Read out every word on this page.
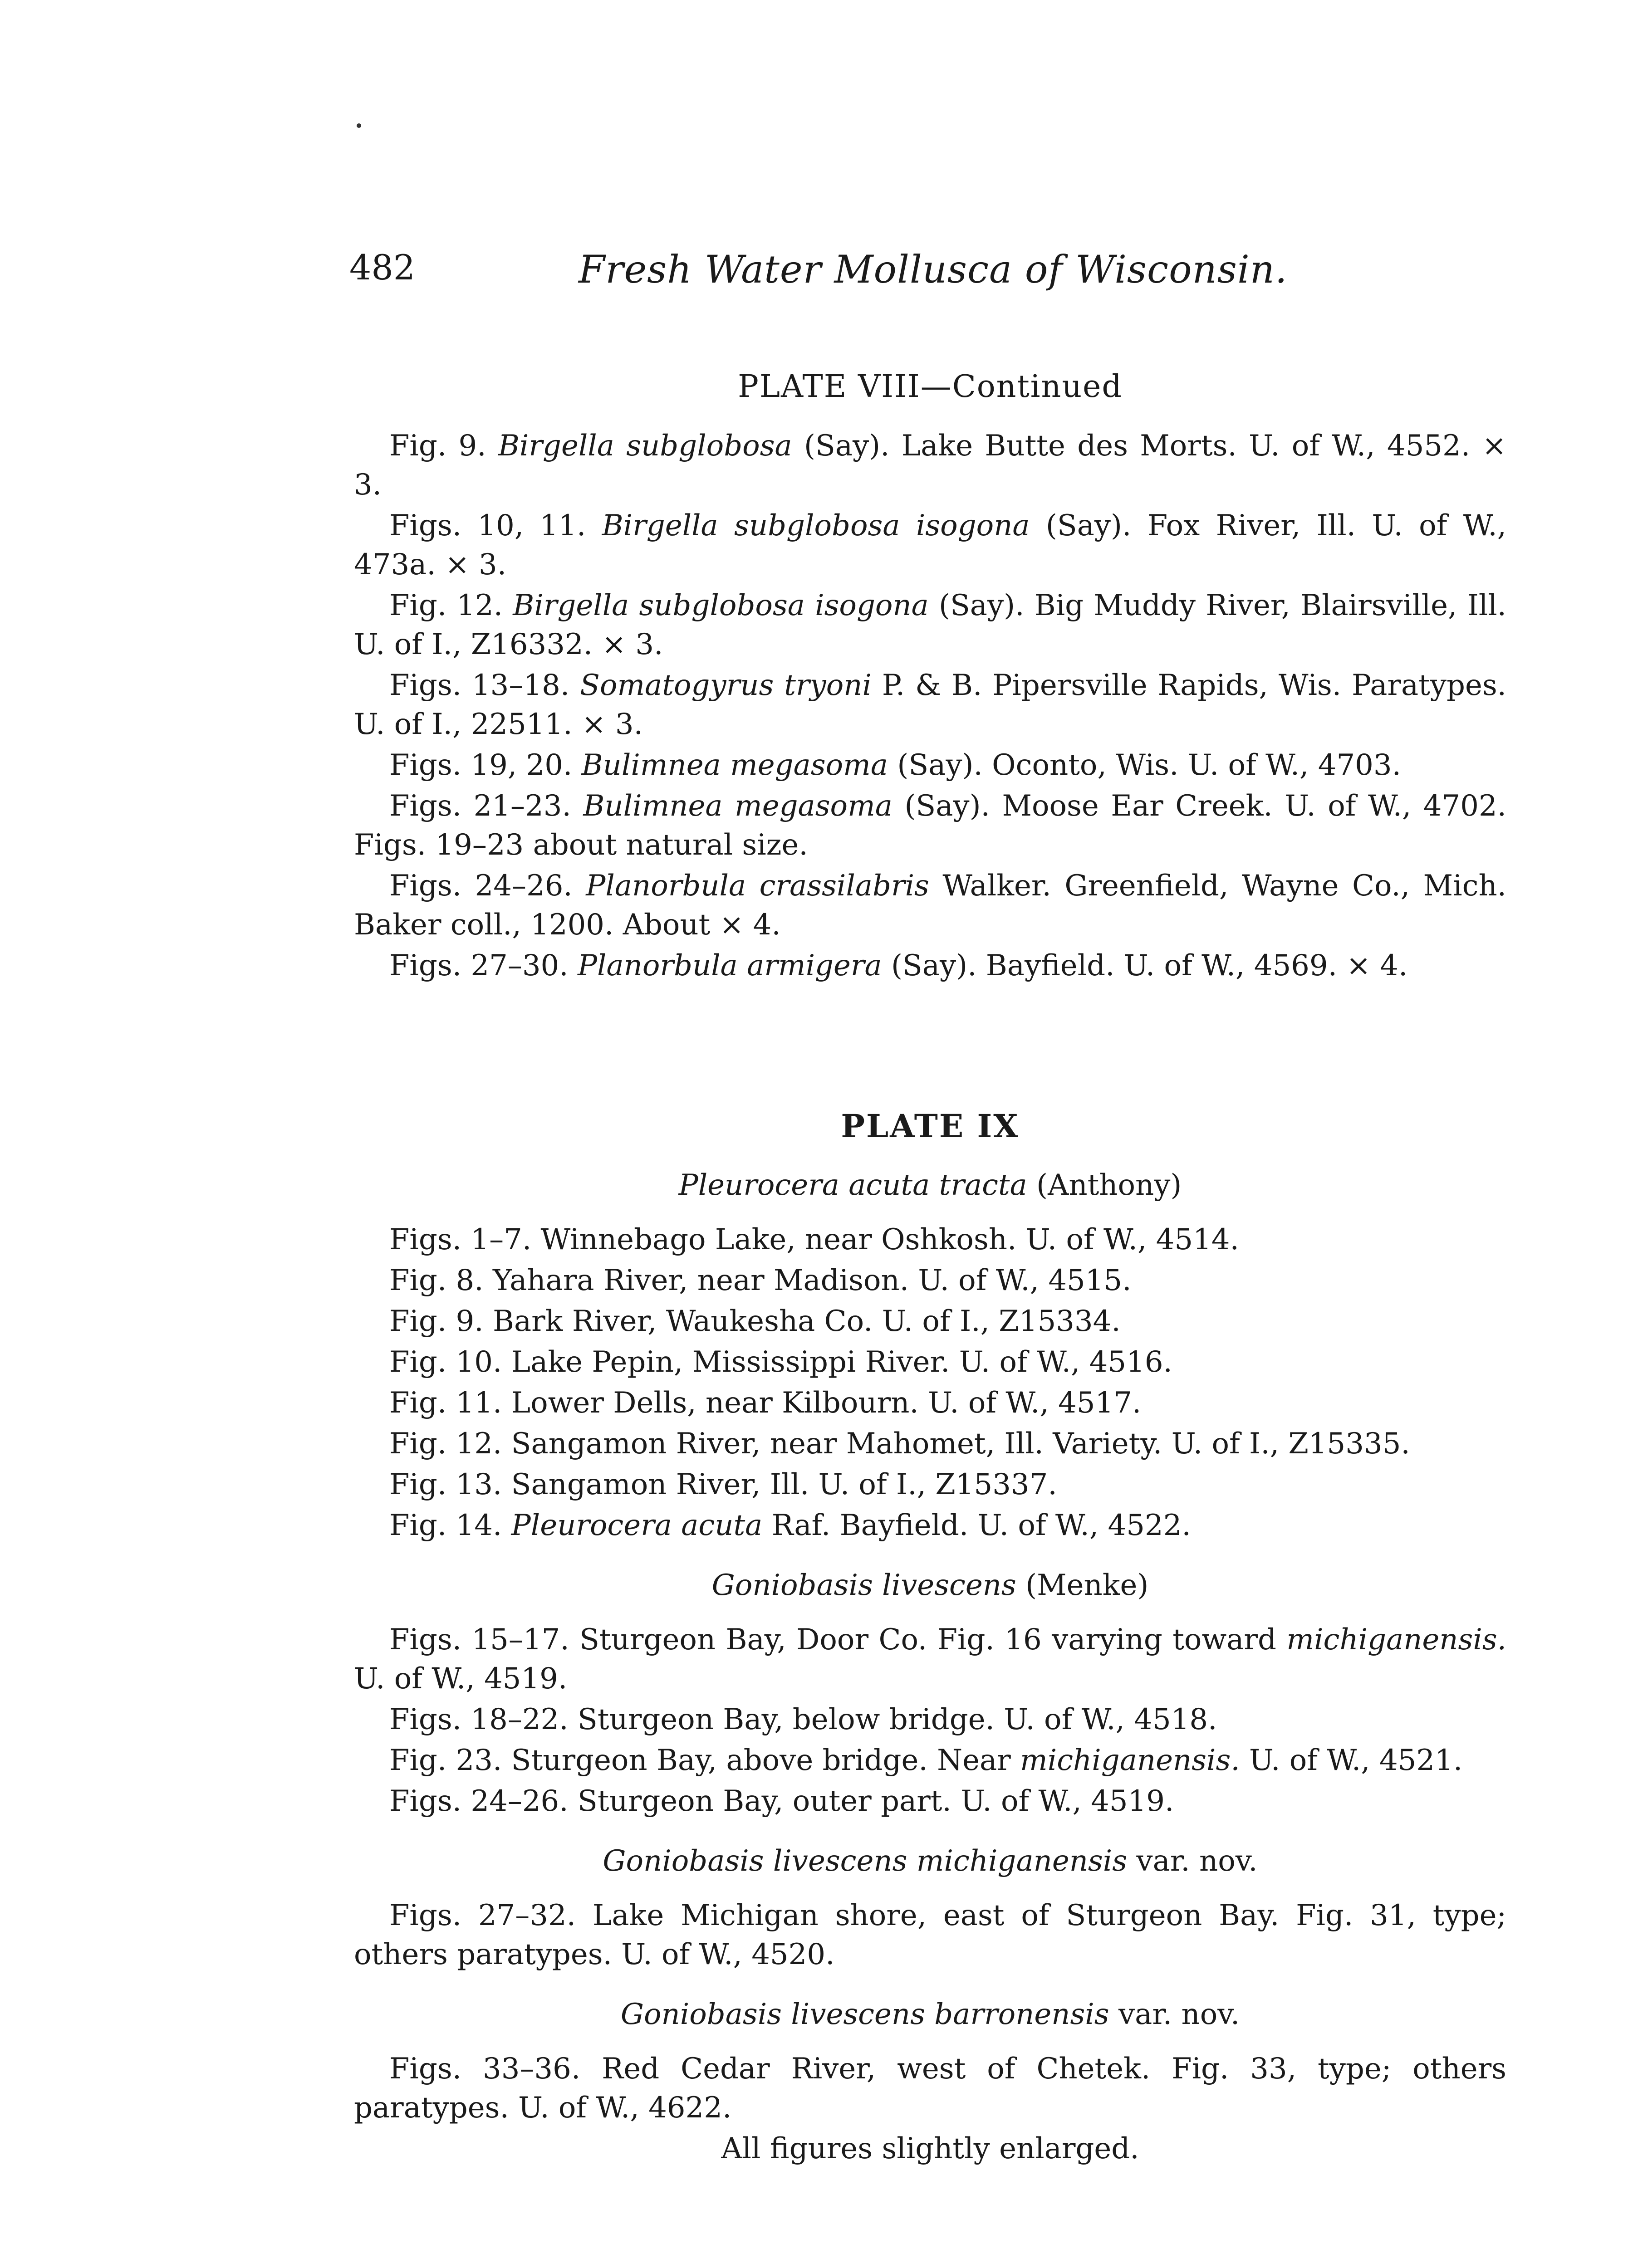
482	Fresh Water Mollusca of Wisconsin.
PLATE VIII—Continued

Fig. 9. Birgella subglobosa (Say). Lake Butte des Morts. U. of W., 4552. × 3.

Figs. 10, 11. Birgella subglobosa isogona (Say). Fox River, Ill. U. of W., 473a. × 3.

Fig. 12. Birgella subglobosa isogona (Say). Big Muddy River, Blairsville, Ill. U. of I., Z16332. × 3.

Figs. 13–18. Somatogyrus tryoni P. & B. Pipersville Rapids, Wis. Paratypes. U. of I., 22511. × 3.

Figs. 19, 20. Bulimnea megasoma (Say). Oconto, Wis. U. of W., 4703.

Figs. 21–23. Bulimnea megasoma (Say). Moose Ear Creek. U. of W., 4702. Figs. 19–23 about natural size.

Figs. 24–26. Planorbula crassilabris Walker. Greenfield, Wayne Co., Mich. Baker coll., 1200. About × 4.

Figs. 27–30. Planorbula armigera (Say). Bayfield. U. of W., 4569. × 4.

PLATE IX
Pleurocera acuta tracta (Anthony)

Figs. 1–7. Winnebago Lake, near Oshkosh. U. of W., 4514.

Fig. 8. Yahara River, near Madison. U. of W., 4515.

Fig. 9. Bark River, Waukesha Co. U. of I., Z15334.

Fig. 10. Lake Pepin, Mississippi River. U. of W., 4516.

Fig. 11. Lower Dells, near Kilbourn. U. of W., 4517.

Fig. 12. Sangamon River, near Mahomet, Ill. Variety. U. of I., Z15335.

Fig. 13. Sangamon River, Ill. U. of I., Z15337.

Fig. 14. Pleurocera acuta Raf. Bayfield. U. of W., 4522.

Goniobasis livescens (Menke)

Figs. 15–17. Sturgeon Bay, Door Co. Fig. 16 varying toward michiganensis. U. of W., 4519.

Figs. 18–22. Sturgeon Bay, below bridge. U. of W., 4518.

Fig. 23. Sturgeon Bay, above bridge. Near michiganensis. U. of W., 4521.

Figs. 24–26. Sturgeon Bay, outer part. U. of W., 4519.

Goniobasis livescens michiganensis var. nov.

Figs. 27–32. Lake Michigan shore, east of Sturgeon Bay. Fig. 31, type; others paratypes. U. of W., 4520.

Goniobasis livescens barronensis var. nov.

Figs. 33–36. Red Cedar River, west of Chetek. Fig. 33, type; others paratypes. U. of W., 4622.

All figures slightly enlarged.
